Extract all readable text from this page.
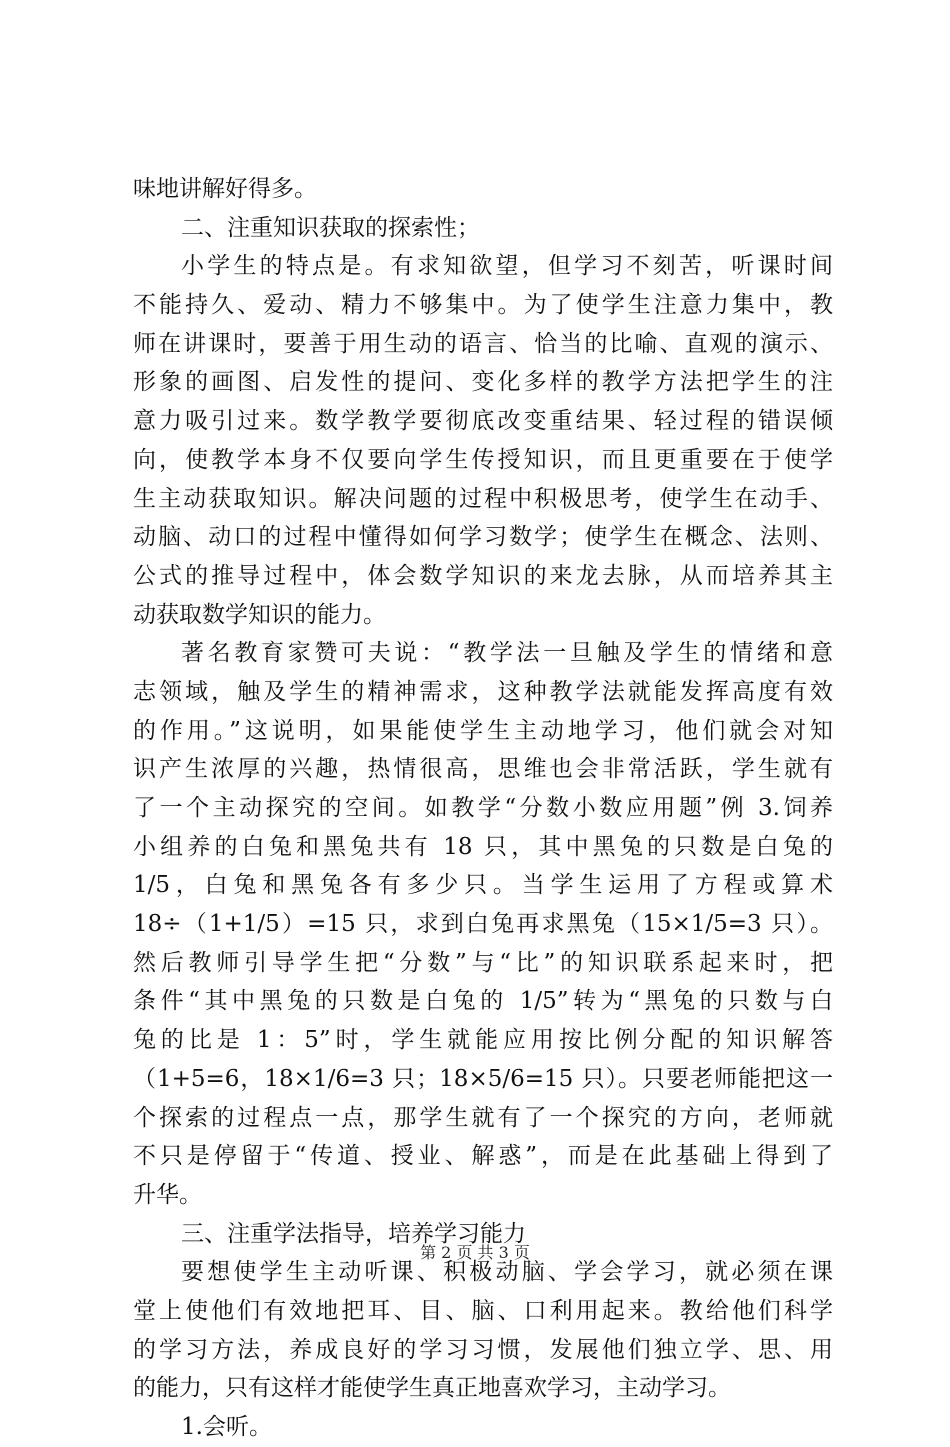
味地讲解好得多。
二、注重知识获取的探索性；
小学生的特点是。有求知欲望，但学习不刻苦，听课时间
不能持久、爱动、精力不够集中。为了使学生注意力集中，教
师在讲课时，要善于用生动的语言、恰当的比喻、直观的演示、
形象的画图、启发性的提问、变化多样的教学方法把学生的注
意力吸引过来。数学教学要彻底改变重结果、轻过程的错误倾
向，使教学本身不仅要向学生传授知识，而且更重要在于使学
生主动获取知识。解决问题的过程中积极思考，使学生在动手、
动脑、动口的过程中懂得如何学习数学；使学生在概念、法则、
公式的推导过程中，体会数学知识的来龙去脉，从而培养其主
动获取数学知识的能力。
著名教育家赞可夫说：“教学法一旦触及学生的情绪和意
志领域，触及学生的精神需求，这种教学法就能发挥高度有效
的作用。”这说明，如果能使学生主动地学习，他们就会对知
识产生浓厚的兴趣，热情很高，思维也会非常活跃，学生就有
了一个主动探究的空间。如教学“分数小数应用题”例 3.饲养
小组养的白兔和黑兔共有 18 只，其中黑兔的只数是白兔的
1/5，白兔和黑兔各有多少只。当学生运用了方程或算术
18÷（1+1/5）=15 只，求到白兔再求黑兔（15×1/5=3 只）。
然后教师引导学生把“分数”与“比”的知识联系起来时，把
条件“其中黑兔的只数是白兔的 1/5”转为“黑兔的只数与白
兔的比是 1：5”时，学生就能应用按比例分配的知识解答
（1+5=6，18×1/6=3 只；18×5/6=15 只）。只要老师能把这一
个探索的过程点一点，那学生就有了一个探究的方向，老师就
不只是停留于“传道、授业、解惑”，而是在此基础上得到了
升华。
三、注重学法指导，培养学习能力
要想使学生主动听课、积极动脑、学会学习，就必须在课
堂上使他们有效地把耳、目、脑、口利用起来。教给他们科学
的学习方法，养成良好的学习习惯，发展他们独立学、思、用
的能力，只有这样才能使学生真正地喜欢学习，主动学习。
1.会听。
第 2 页 共 3 页
